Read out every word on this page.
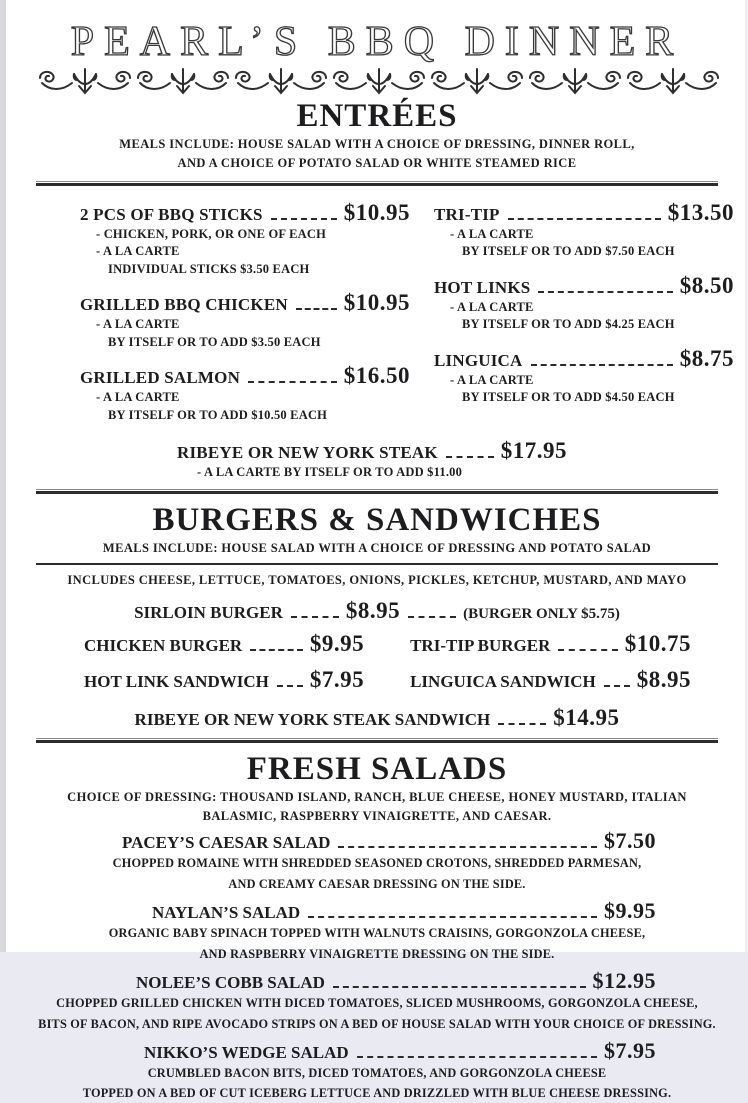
PEARL’S BBQ DINNER
ENTRÉES
MEALS INCLUDE: HOUSE SALAD WITH A CHOICE OF DRESSING, DINNER ROLL,
AND A CHOICE OF POTATO SALAD OR WHITE STEAMED RICE
2 PCS OF BBQ STICKS	$10.95
- CHICKEN, PORK, OR ONE OF EACH
- A LA CARTE
INDIVIDUAL STICKS $3.50 EACH
GRILLED BBQ CHICKEN $10.95
- A LA CARTE
BY ITSELF OR TO ADD $3.50 EACH
GRILLED SALMON	$16.50
- A LA CARTE
BY ITSELF OR TO ADD $10.50 EACH
TRI-TIP	$13.50
- A LA CARTE
BY ITSELF OR TO ADD $7.50 EACH
HOT LINKS	$8.50
- A LA CARTE
BY ITSELF OR TO ADD $4.25 EACH
LINGUICA	$8.75
- A LA CARTE
BY ITSELF OR TO ADD $4.50 EACH
RIBEYE OR NEW YORK STEAK	$17.95
- A LA CARTE BY ITSELF OR TO ADD $11.00
BURGERS & SANDWICHES
MEALS INCLUDE: HOUSE SALAD WITH A CHOICE OF DRESSING AND POTATO SALAD
INCLUDES CHEESE, LETTUCE, TOMATOES, ONIONS, PICKLES, KETCHUP, MUSTARD, AND MAYO
SIRLOIN BURGER	$8.95	(BURGER ONLY $5.75)
CHICKEN BURGER	$9.95	TRI-TIP BURGER	$10.75
HOT LINK SANDWICH $7.95	LINGUICA SANDWICH $8.95
RIBEYE OR NEW YORK STEAK SANDWICH	$14.95
FRESH SALADS
CHOICE OF DRESSING: THOUSAND ISLAND, RANCH, BLUE CHEESE, HONEY MUSTARD, ITALIAN
BALASMIC, RASPBERRY VINAIGRETTE, AND CAESAR.
PACEY’S CAESAR SALAD	$7.50
CHOPPED ROMAINE WITH SHREDDED SEASONED CROTONS, SHREDDED PARMESAN,
AND CREAMY CAESAR DRESSING ON THE SIDE.
NAYLAN’S SALAD	$9.95
ORGANIC BABY SPINACH TOPPED WITH WALNUTS CRAISINS, GORGONZOLA CHEESE,
AND RASPBERRY VINAIGRETTE DRESSING ON THE SIDE.
NOLEE’S COBB SALAD	$12.95
CHOPPED GRILLED CHICKEN WITH DICED TOMATOES, SLICED MUSHROOMS, GORGONZOLA CHEESE,
BITS OF BACON, AND RIPE AVOCADO STRIPS ON A BED OF HOUSE SALAD WITH YOUR CHOICE OF DRESSING.
NIKKO’S WEDGE SALAD	$7.95
CRUMBLED BACON BITS, DICED TOMATOES, AND GORGONZOLA CHEESE
TOPPED ON A BED OF CUT ICEBERG LETTUCE AND DRIZZLED WITH BLUE CHEESE DRESSING.
